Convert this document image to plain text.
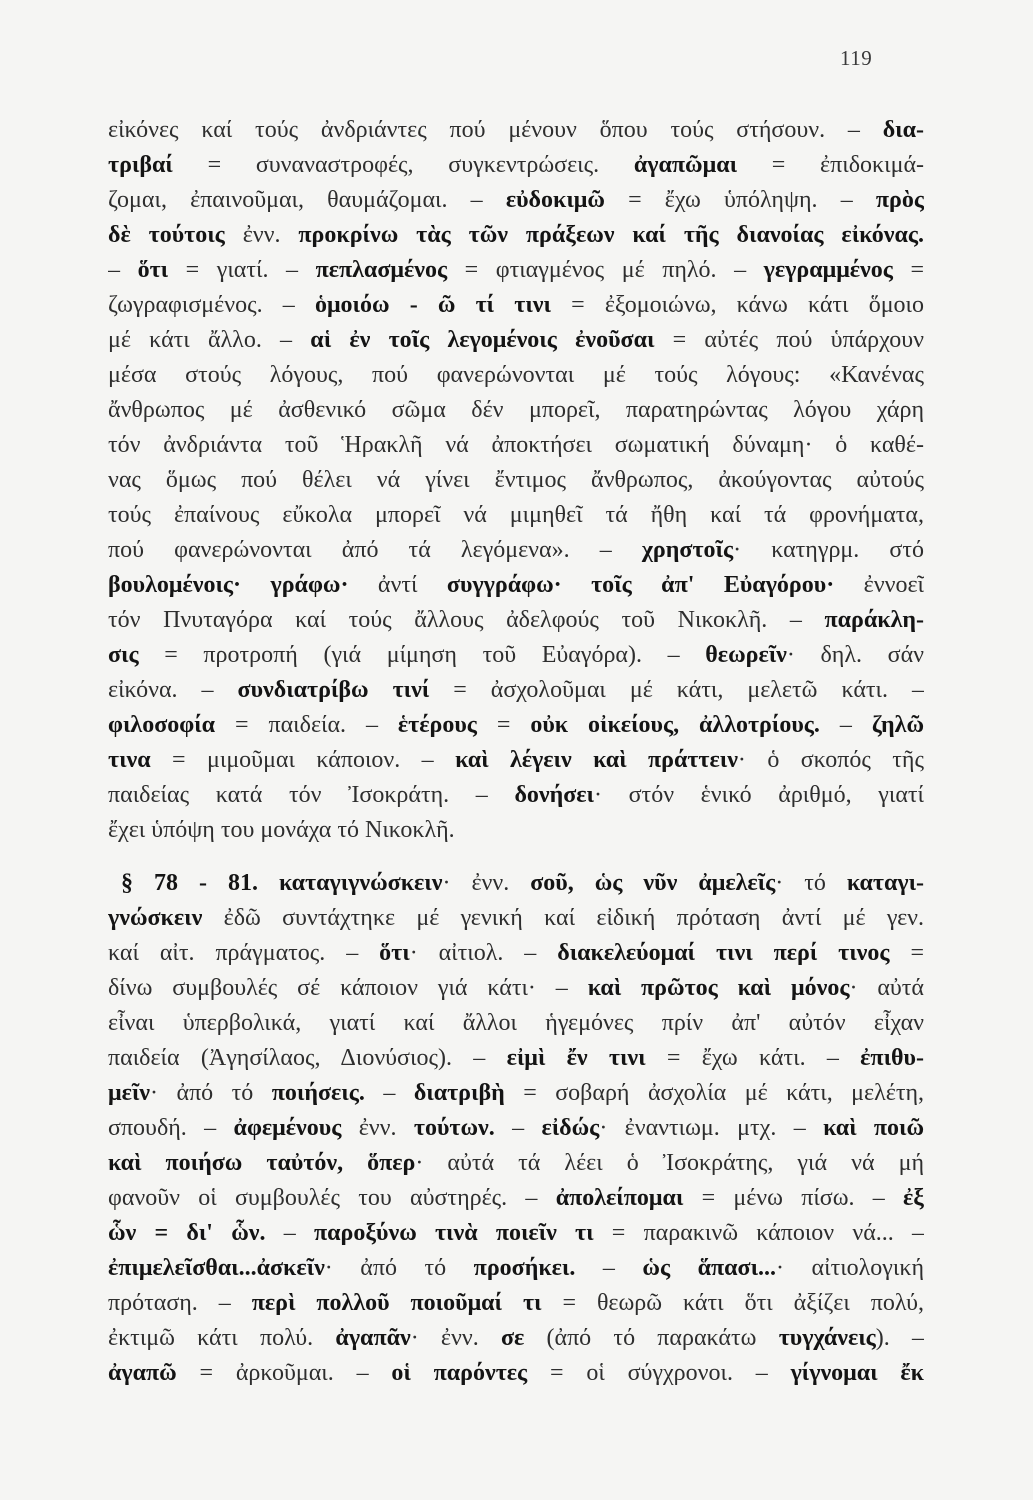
119
εἰκόνες καί τούς ἀνδριάντες πού μένουν ὅπου τούς στήσουν. – δια-
τριβαί = συναναστροφές, συγκεντρώσεις. ἀγαπῶμαι = ἐπιδοκιμά-
ζομαι, ἐπαινοῦμαι, θαυμάζομαι. – εὐδοκιμῶ = ἔχω ὑπόληψη. – πρὸς
δὲ τούτοις ἐνν. προκρίνω τὰς τῶν πράξεων καί τῆς διανοίας εἰκόνας.
– ὅτι = γιατί. – πεπλασμένος = φτιαγμένος μέ πηλό. – γεγραμμένος =
ζωγραφισμένος. – ὁμοιόω - ῶ τί τινι = ἐξομοιώνω, κάνω κάτι ὅμοιο
μέ κάτι ἄλλο. – αἱ ἐν τοῖς λεγομένοις ἐνοῦσαι = αὐτές πού ὑπάρχουν
μέσα στούς λόγους, πού φανερώνονται μέ τούς λόγους: «Κανένας
ἄνθρωπος μέ ἀσθενικό σῶμα δέν μπορεῖ, παρατηρώντας λόγου χάρη
τόν ἀνδριάντα τοῦ Ἡρακλῆ νά ἀποκτήσει σωματική δύναμη· ὁ καθέ-
νας ὅμως πού θέλει νά γίνει ἔντιμος ἄνθρωπος, ἀκούγοντας αὐτούς
τούς ἐπαίνους εὔκολα μπορεῖ νά μιμηθεῖ τά ἤθη καί τά φρονήματα,
πού φανερώνονται ἀπό τά λεγόμενα». – χρηστοῖς· κατηγρμ. στό
βουλομένοις· γράφω· ἀντί συγγράφω· τοῖς ἀπ' Εὐαγόρου· ἐννοεῖ
τόν Πνυταγόρα καί τούς ἄλλους ἀδελφούς τοῦ Νικοκλῆ. – παράκλη-
σις = προτροπή (γιά μίμηση τοῦ Εὐαγόρα). – θεωρεῖν· δηλ. σάν
εἰκόνα. – συνδιατρίβω τινί = ἀσχολοῦμαι μέ κάτι, μελετῶ κάτι. –
φιλοσοφία = παιδεία. – ἑτέρους = οὐκ οἰκείους, ἀλλοτρίους. – ζηλῶ
τινα = μιμοῦμαι κάποιον. – καὶ λέγειν καὶ πράττειν· ὁ σκοπός τῆς
παιδείας κατά τόν Ἰσοκράτη. – δονήσει· στόν ἑνικό ἀριθμό, γιατί
ἔχει ὑπόψη του μονάχα τό Νικοκλῆ.
§ 78 - 81. καταγιγνώσκειν· ἐνν. σοῦ, ὡς νῦν ἀμελεῖς· τό καταγι-
γνώσκειν ἐδῶ συντάχτηκε μέ γενική καί εἰδική πρόταση ἀντί μέ γεν.
καί αἰτ. πράγματος. – ὅτι· αἰτιολ. – διακελεύομαί τινι περί τινος =
δίνω συμβουλές σέ κάποιον γιά κάτι· – καὶ πρῶτος καὶ μόνος· αὐτά
εἶναι ὑπερβολικά, γιατί καί ἄλλοι ἡγεμόνες πρίν ἀπ' αὐτόν εἶχαν
παιδεία (Ἀγησίλαος, Διονύσιος). – εἰμὶ ἔν τινι = ἔχω κάτι. – ἐπιθυ-
μεῖν· ἀπό τό ποιήσεις. – διατριβὴ = σοβαρή ἀσχολία μέ κάτι, μελέτη,
σπουδή. – ἀφεμένους ἐνν. τούτων. – εἰδώς· ἐναντιωμ. μτχ. – καὶ ποιῶ
καὶ ποιήσω ταὐτόν, ὅπερ· αὐτά τά λέει ὁ Ἰσοκράτης, γιά νά μή
φανοῦν οἱ συμβουλές του αὐστηρές. – ἀπολείπομαι = μένω πίσω. – ἐξ
ὧν = δι' ὧν. – παροξύνω τινὰ ποιεῖν τι = παρακινῶ κάποιον νά... –
ἐπιμελεῖσθαι...ἀσκεῖν· ἀπό τό προσήκει. – ὡς ἅπασι...· αἰτιολογική
πρόταση. – περὶ πολλοῦ ποιοῦμαί τι = θεωρῶ κάτι ὅτι ἀξίζει πολύ,
ἐκτιμῶ κάτι πολύ. ἀγαπᾶν· ἐνν. σε (ἀπό τό παρακάτω τυγχάνεις). –
ἀγαπῶ = ἀρκοῦμαι. – οἱ παρόντες = οἱ σύγχρονοι. – γίγνομαι ἔκ
